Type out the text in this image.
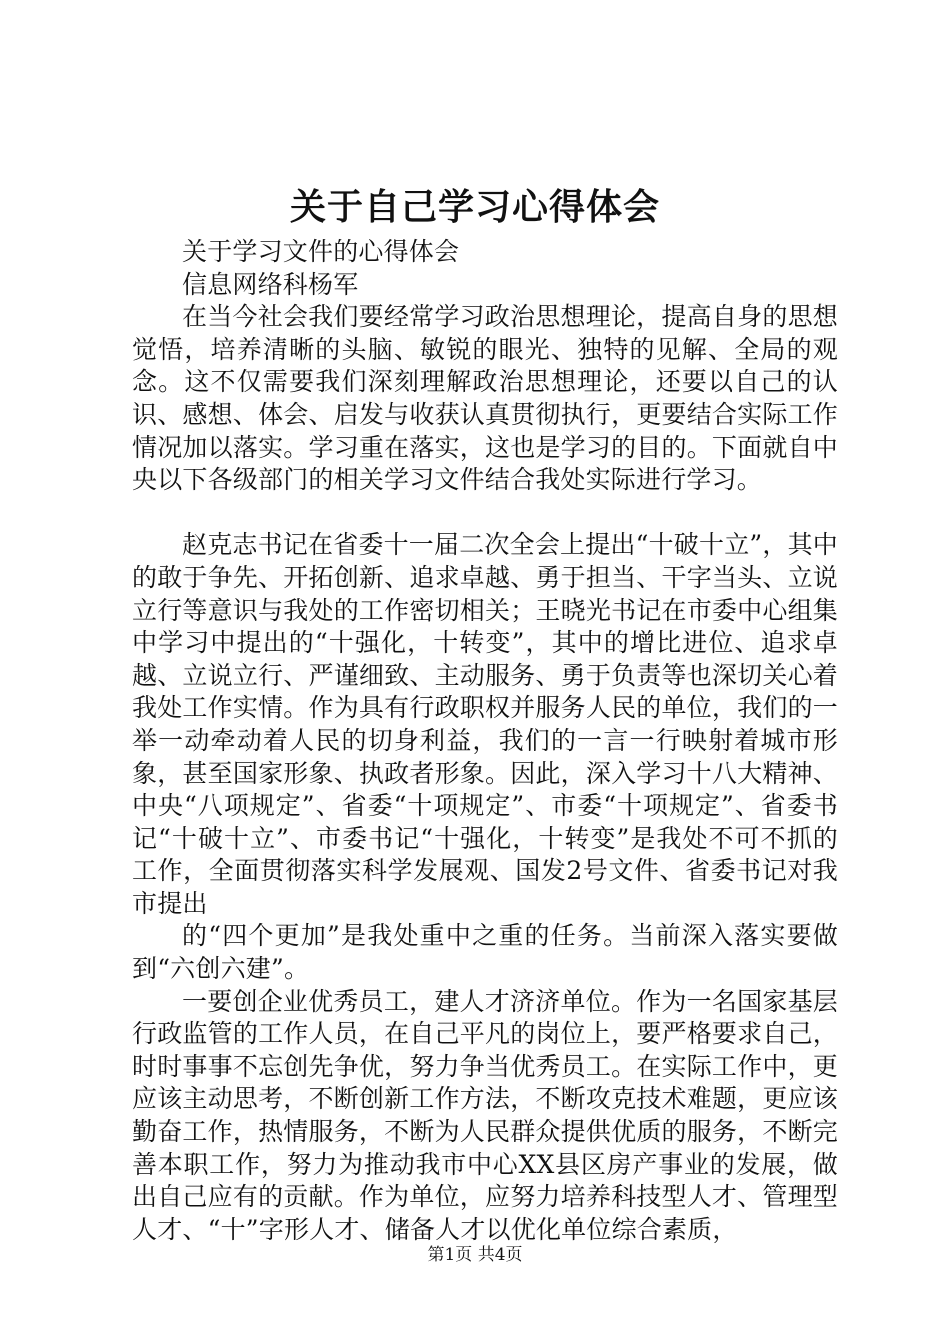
关于自己学习心得体会

关于学习文件的心得体会

信息网络科杨军

在当今社会我们要经常学习政治思想理论，提高自身的思想觉悟，培养清晰的头脑、敏锐的眼光、独特的见解、全局的观念。这不仅需要我们深刻理解政治思想理论，还要以自己的认识、感想、体会、启发与收获认真贯彻执行，更要结合实际工作情况加以落实。学习重在落实，这也是学习的目的。下面就自中央以下各级部门的相关学习文件结合我处实际进行学习。

赵克志书记在省委十一届二次全会上提出“十破十立”，其中的敢于争先、开拓创新、追求卓越、勇于担当、干字当头、立说立行等意识与我处的工作密切相关；王晓光书记在市委中心组集中学习中提出的“十强化，十转变”，其中的增比进位、追求卓越、立说立行、严谨细致、主动服务、勇于负责等也深切关心着我处工作实情。作为具有行政职权并服务人民的单位，我们的一举一动牵动着人民的切身利益，我们的一言一行映射着城市形象，甚至国家形象、执政者形象。因此，深入学习十八大精神、中央“八项规定”、省委“十项规定”、市委“十项规定”、省委书记“十破十立”、市委书记“十强化，十转变”是我处不可不抓的工作，全面贯彻落实科学发展观、国发2号文件、省委书记对我市提出

的“四个更加”是我处重中之重的任务。当前深入落实要做到“六创六建”。

一要创企业优秀员工，建人才济济单位。作为一名国家基层行政监管的工作人员，在自己平凡的岗位上，要严格要求自己，时时事事不忘创先争优，努力争当优秀员工。在实际工作中，更应该主动思考，不断创新工作方法，不断攻克技术难题，更应该勤奋工作，热情服务，不断为人民群众提供优质的服务，不断完善本职工作，努力为推动我市中心XX县区房产事业的发展，做出自己应有的贡献。作为单位，应努力培养科技型人才、管理型人才、“十”字形人才、储备人才以优化单位综合素质，

第1页 共4页
